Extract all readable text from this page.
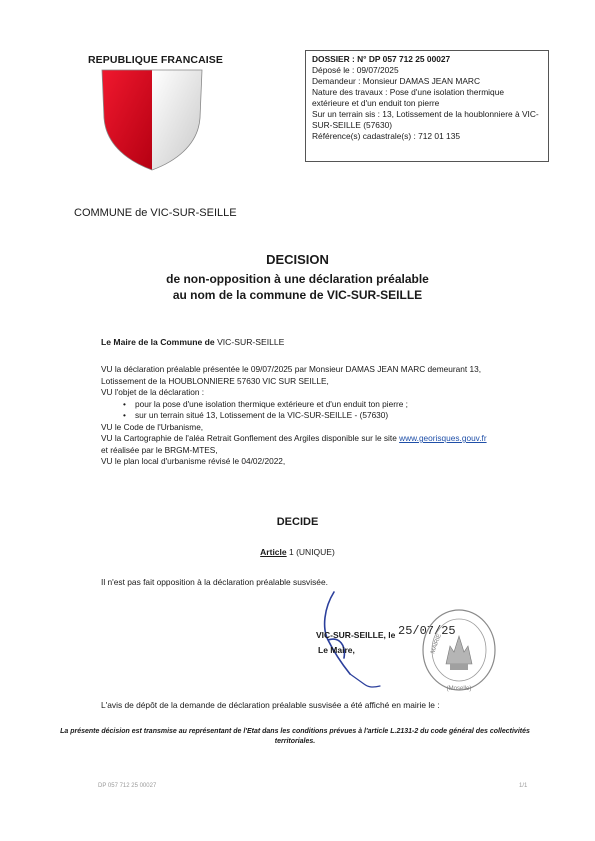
REPUBLIQUE FRANCAISE
COMMUNE de VIC-SUR-SEILLE
DOSSIER : N° DP 057 712 25 00027
Déposé le : 09/07/2025
Demandeur : Monsieur DAMAS JEAN MARC
Nature des travaux : Pose d'une isolation thermique extérieure et d'un enduit ton pierre
Sur un terrain sis : 13, Lotissement de la houblonniere à VIC-SUR-SEILLE (57630)
Référence(s) cadastrale(s) : 712 01 135
DECISION
de non-opposition à une déclaration préalable
au nom de la commune de VIC-SUR-SEILLE
Le Maire de la Commune de VIC-SUR-SEILLE

VU la déclaration préalable présentée le 09/07/2025 par Monsieur DAMAS JEAN MARC demeurant 13,

Lotissement de la HOUBLONNIERE 57630 VIC SUR SEILLE,

VU l'objet de la déclaration :

• pour la pose d'une isolation thermique extérieure et d'un enduit ton pierre ;

• sur un terrain situé 13, Lotissement de la VIC-SUR-SEILLE - (57630)

VU le Code de l'Urbanisme,

VU la Cartographie de l'aléa Retrait Gonflement des Argiles disponible sur le site www.georisques.gouv.fr

et réalisée par le BRGM-MTES,

VU le plan local d'urbanisme révisé le 04/02/2022,

DECIDE
Article 1 (UNIQUE)
Il n'est pas fait opposition à la déclaration préalable susvisée.
VIC-SUR-SEILLE, le 25/07/25
Le Maire,
(Moselle)
MAIRIE
L'avis de dépôt de la demande de déclaration préalable susvisée a été affiché en mairie le :
La présente décision est transmise au représentant de l'Etat dans les conditions prévues à l'article L.2131-2 du code général des collectivités territoriales.
DP 057 712 25 00027	1/1
